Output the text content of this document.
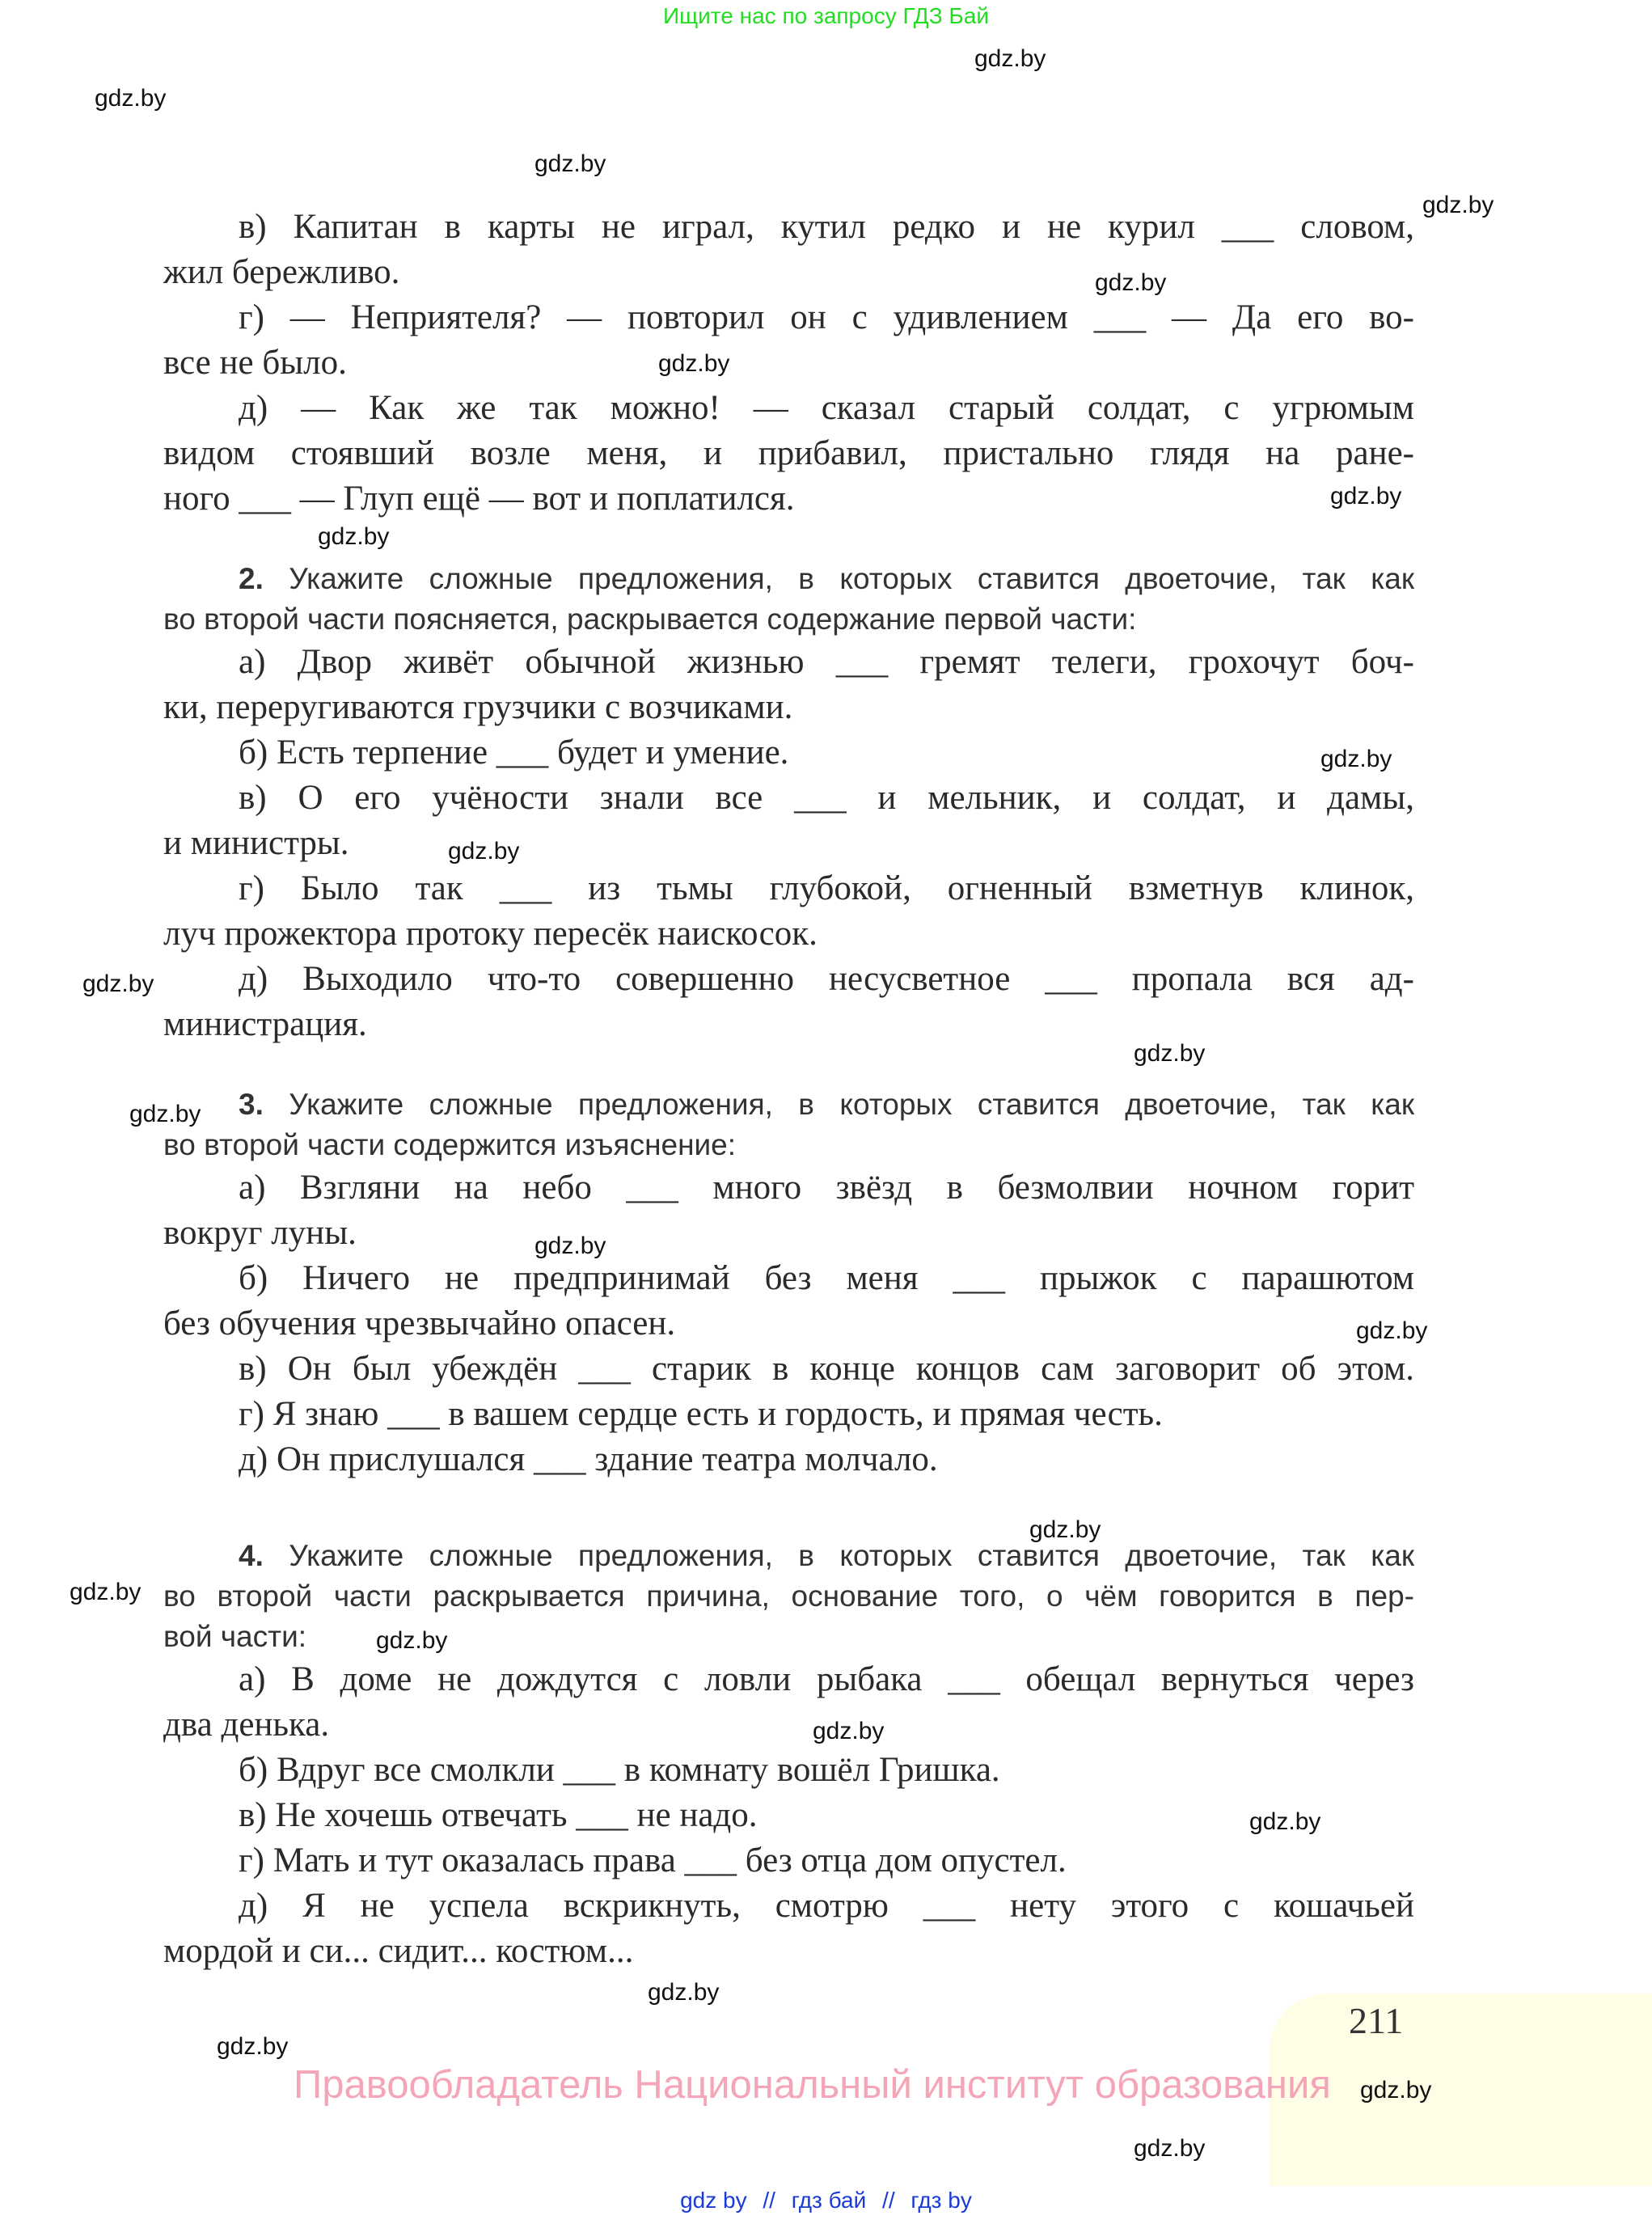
Ищите нас по запросу ГДЗ Бай
211
в) Капитан в карты не играл, кутил редко и не курил ___ словом,
жил бережливо.
г) — Неприятеля? — повторил он с удивлением ___ — Да его во-
все не было.
д) — Как же так можно! — сказал старый солдат, с угрюмым
видом стоявший возле меня, и прибавил, пристально глядя на ране-
ного ___ — Глуп ещё — вот и поплатился.
2. Укажите сложные предложения, в которых ставится двоеточие, так как
во второй части поясняется, раскрывается содержание первой части:
а) Двор живёт обычной жизнью ___ гремят телеги, грохочут боч-
ки, переругиваются грузчики с возчиками.
б) Есть терпение ___ будет и умение.
в) О его учёности знали все ___ и мельник, и солдат, и дамы,
и министры.
г) Было так ___ из тьмы глубокой, огненный взметнув клинок,
луч прожектора протоку пересёк наискосок.
д) Выходило что-то совершенно несусветное ___ пропала вся ад-
министрация.
3. Укажите сложные предложения, в которых ставится двоеточие, так как
во второй части содержится изъяснение:
а) Взгляни на небо ___ много звёзд в безмолвии ночном горит
вокруг луны.
б) Ничего не предпринимай без меня ___ прыжок с парашютом
без обучения чрезвычайно опасен.
в) Он был убеждён ___ старик в конце концов сам заговорит об этом.
г) Я знаю ___ в вашем сердце есть и гордость, и прямая честь.
д) Он прислушался ___ здание театра молчало.
4. Укажите сложные предложения, в которых ставится двоеточие, так как
во второй части раскрывается причина, основание того, о чём говорится в пер-
вой части:
а) В доме не дождутся с ловли рыбака ___ обещал вернуться через
два денька.
б) Вдруг все смолкли ___ в комнату вошёл Гришка.
в) Не хочешь отвечать ___ не надо.
г) Мать и тут оказалась права ___ без отца дом опустел.
д) Я не успела вскрикнуть, смотрю ___ нету этого с кошачьей
мордой и си... сидит... костюм...
Правообладатель Национальный институт образования
gdz by // гдз бай // гдз by
gdz.by
gdz.by
gdz.by
gdz.by
gdz.by
gdz.by
gdz.by
gdz.by
gdz.by
gdz.by
gdz.by
gdz.by
gdz.by
gdz.by
gdz.by
gdz.by
gdz.by
gdz.by
gdz.by
gdz.by
gdz.by
gdz.by
gdz.by
gdz.by
